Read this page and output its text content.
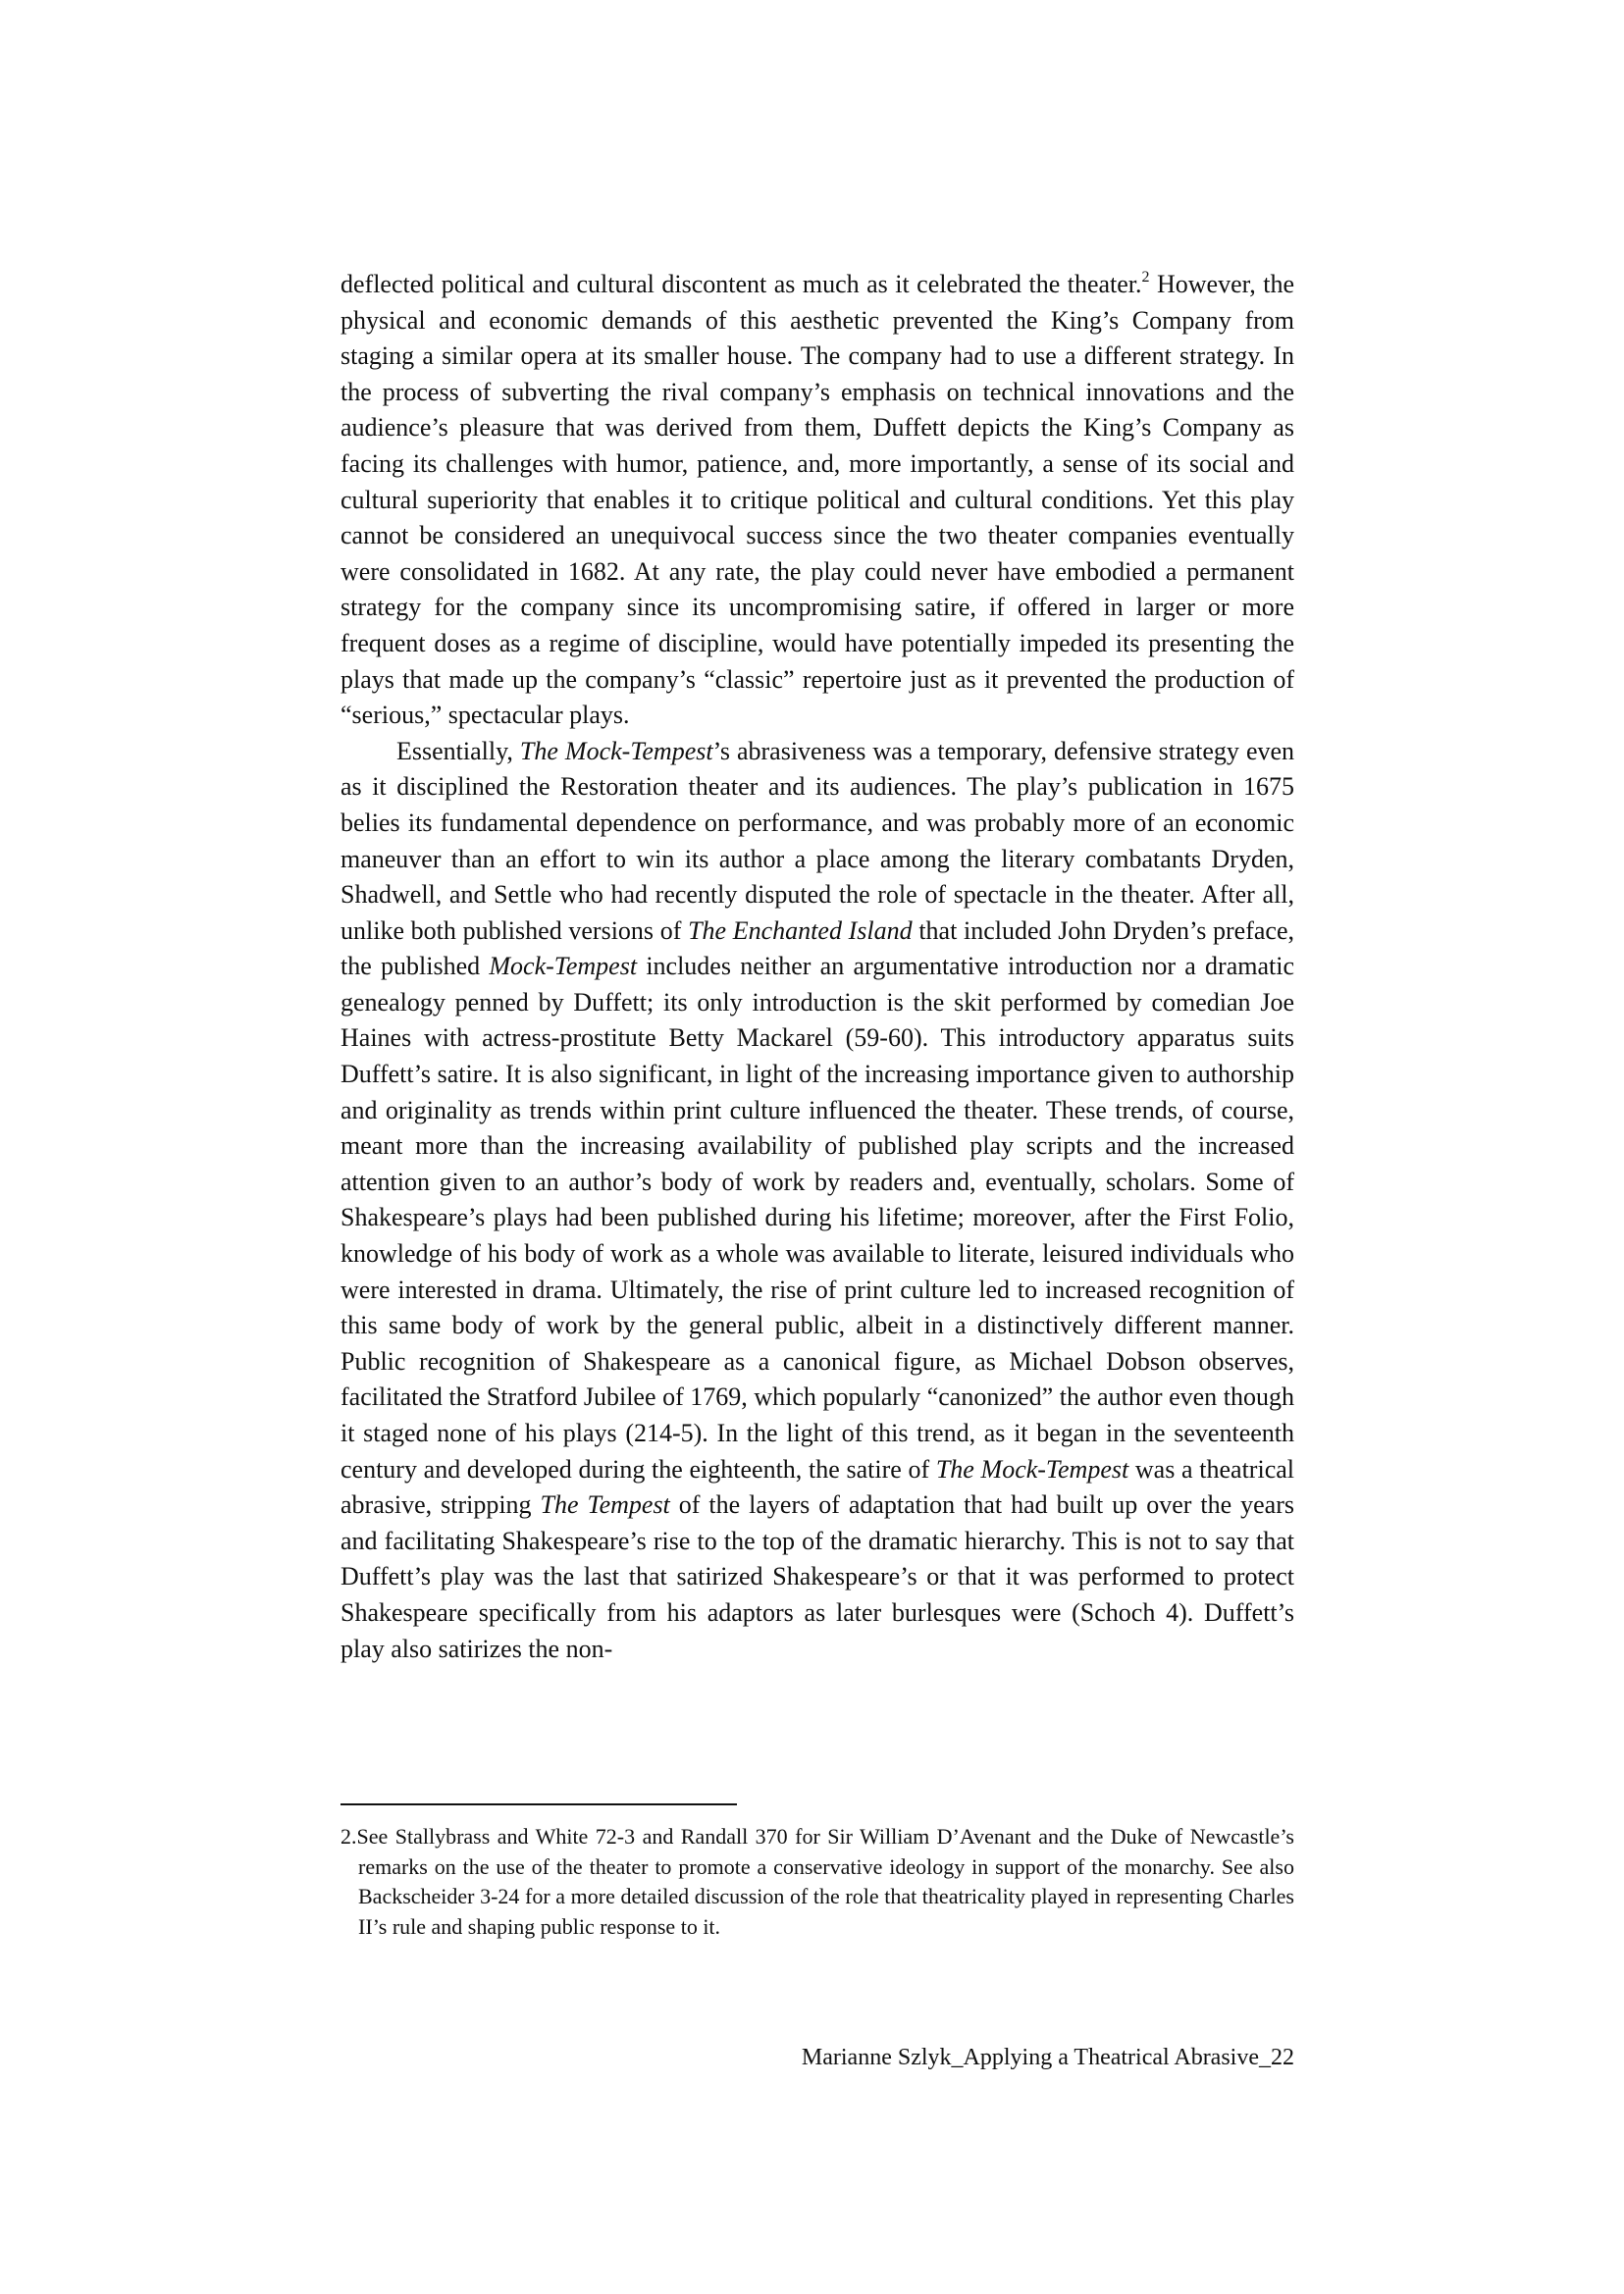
deflected political and cultural discontent as much as it celebrated the theater.$^2$ However, the physical and economic demands of this aesthetic prevented the King’s Company from staging a similar opera at its smaller house. The company had to use a different strategy. In the process of subverting the rival company’s emphasis on technical innovations and the audience’s pleasure that was derived from them, Duffett depicts the King’s Company as facing its challenges with humor, patience, and, more importantly, a sense of its social and cultural superiority that enables it to critique political and cultural conditions. Yet this play cannot be considered an unequivocal success since the two theater companies eventually were consolidated in 1682. At any rate, the play could never have embodied a permanent strategy for the company since its uncompromising satire, if offered in larger or more frequent doses as a regime of discipline, would have potentially impeded its presenting the plays that made up the company’s “classic” repertoire just as it prevented the production of “serious,” spectacular plays.

Essentially, The Mock-Tempest’s abrasiveness was a temporary, defensive strategy even as it disciplined the Restoration theater and its audiences. The play’s publication in 1675 belies its fundamental dependence on performance, and was probably more of an economic maneuver than an effort to win its author a place among the literary combatants Dryden, Shadwell, and Settle who had recently disputed the role of spectacle in the theater. After all, unlike both published versions of The Enchanted Island that included John Dryden’s preface, the published Mock-Tempest includes neither an argumentative introduction nor a dramatic genealogy penned by Duffett; its only introduction is the skit performed by comedian Joe Haines with actress-prostitute Betty Mackarel (59-60). This introductory apparatus suits Duffett’s satire. It is also significant, in light of the increasing importance given to authorship and originality as trends within print culture influenced the theater. These trends, of course, meant more than the increasing availability of published play scripts and the increased attention given to an author’s body of work by readers and, eventually, scholars. Some of Shakespeare’s plays had been published during his lifetime; moreover, after the First Folio, knowledge of his body of work as a whole was available to literate, leisured individuals who were interested in drama. Ultimately, the rise of print culture led to increased recognition of this same body of work by the general public, albeit in a distinctively different manner. Public recognition of Shakespeare as a canonical figure, as Michael Dobson observes, facilitated the Stratford Jubilee of 1769, which popularly “canonized” the author even though it staged none of his plays (214-5). In the light of this trend, as it began in the seventeenth century and developed during the eighteenth, the satire of The Mock-Tempest was a theatrical abrasive, stripping The Tempest of the layers of adaptation that had built up over the years and facilitating Shakespeare’s rise to the top of the dramatic hierarchy. This is not to say that Duffett’s play was the last that satirized Shakespeare’s or that it was performed to protect Shakespeare specifically from his adaptors as later burlesques were (Schoch 4). Duffett’s play also satirizes the non-

2.See Stallybrass and White 72-3 and Randall 370 for Sir William D’Avenant and the Duke of Newcastle’s remarks on the use of the theater to promote a conservative ideology in support of the monarchy. See also Backscheider 3-24 for a more detailed discussion of the role that theatricality played in representing Charles II’s rule and shaping public response to it.
Marianne Szlyk_Applying a Theatrical Abrasive_22
